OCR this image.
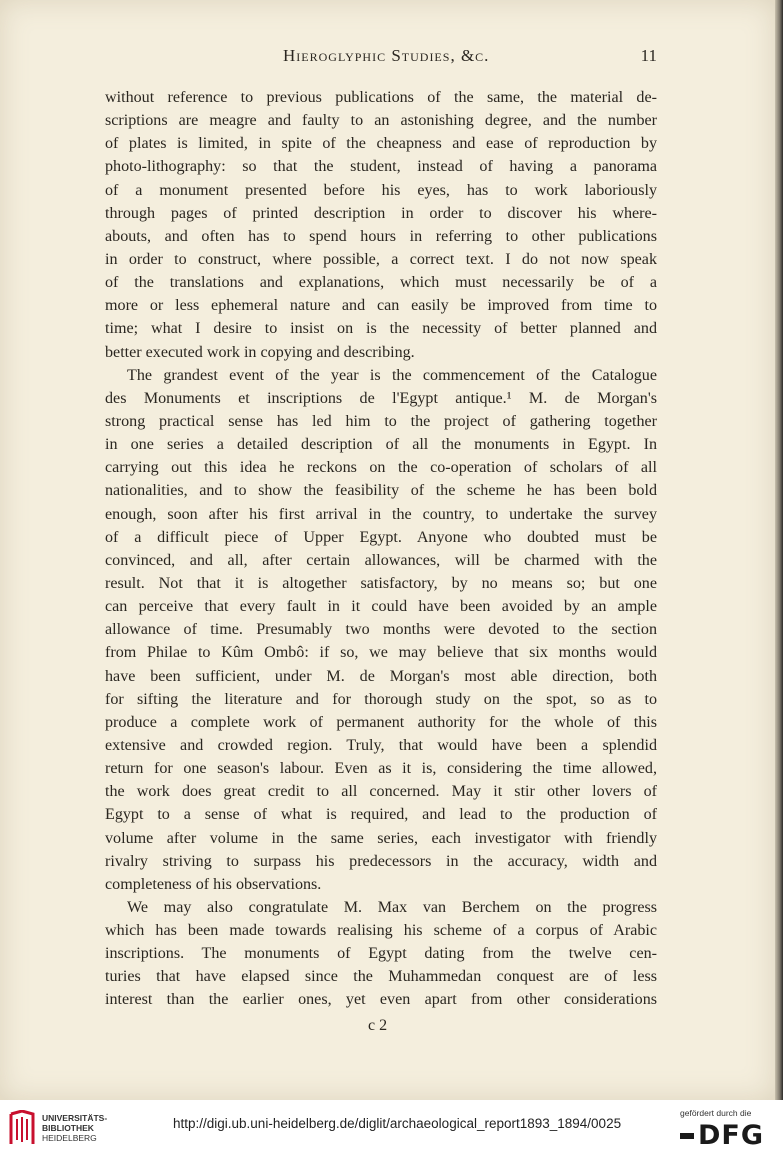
Hieroglyphic Studies, &c.	11
without reference to previous publications of the same, the material de-
scriptions are meagre and faulty to an astonishing degree, and the number
of plates is limited, in spite of the cheapness and ease of reproduction by
photo-lithography: so that the student, instead of having a panorama
of a monument presented before his eyes, has to work laboriously
through pages of printed description in order to discover his where-
abouts, and often has to spend hours in referring to other publications
in order to construct, where possible, a correct text. I do not now speak
of the translations and explanations, which must necessarily be of a
more or less ephemeral nature and can easily be improved from time to
time; what I desire to insist on is the necessity of better planned and
better executed work in copying and describing.
The grandest event of the year is the commencement of the Catalogue
des Monuments et inscriptions de l'Egypt antique.¹ M. de Morgan's
strong practical sense has led him to the project of gathering together
in one series a detailed description of all the monuments in Egypt. In
carrying out this idea he reckons on the co-operation of scholars of all
nationalities, and to show the feasibility of the scheme he has been bold
enough, soon after his first arrival in the country, to undertake the survey
of a difficult piece of Upper Egypt. Anyone who doubted must be
convinced, and all, after certain allowances, will be charmed with the
result. Not that it is altogether satisfactory, by no means so; but one
can perceive that every fault in it could have been avoided by an ample
allowance of time. Presumably two months were devoted to the section
from Philae to Kûm Ombô: if so, we may believe that six months would
have been sufficient, under M. de Morgan's most able direction, both
for sifting the literature and for thorough study on the spot, so as to
produce a complete work of permanent authority for the whole of this
extensive and crowded region. Truly, that would have been a splendid
return for one season's labour. Even as it is, considering the time allowed,
the work does great credit to all concerned. May it stir other lovers of
Egypt to a sense of what is required, and lead to the production of
volume after volume in the same series, each investigator with friendly
rivalry striving to surpass his predecessors in the accuracy, width and
completeness of his observations.
We may also congratulate M. Max van Berchem on the progress
which has been made towards realising his scheme of a corpus of Arabic
inscriptions. The monuments of Egypt dating from the twelve cen-
turies that have elapsed since the Muhammedan conquest are of less
interest than the earlier ones, yet even apart from other considerations
c 2
UNIVERSITÄTS-
BIBLIOTHEK
HEIDELBERG
http://digi.ub.uni-heidelberg.de/diglit/archaeological_report1893_1894/0025
gefördert durch die
DFG
